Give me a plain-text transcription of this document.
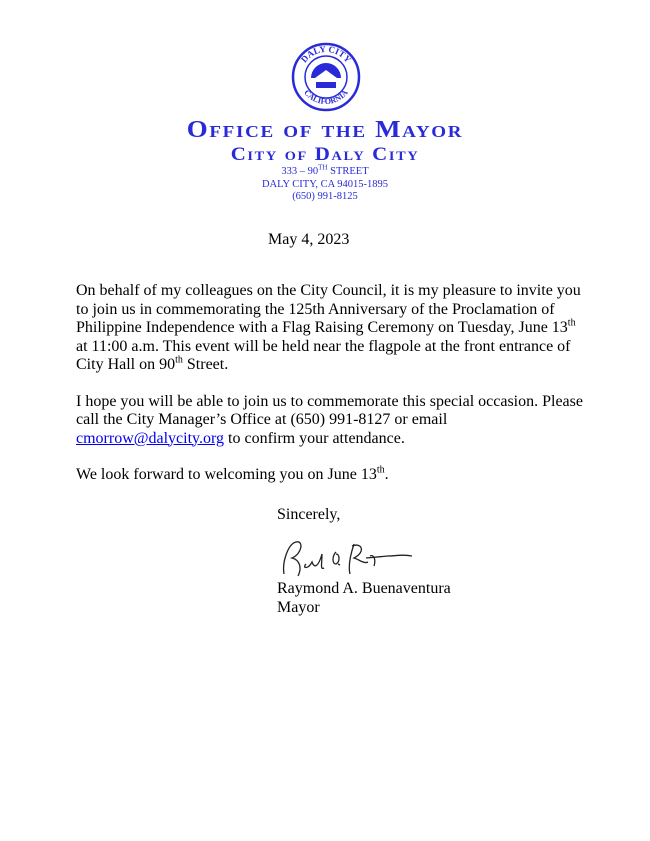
DALY CITY
CALIFORNIA
Office of the Mayor
City of Daly City
333 – 90TH STREET
DALY CITY, CA 94015-1895
(650) 991-8125
May 4, 2023

On behalf of my colleagues on the City Council, it is my pleasure to invite you to join us in commemorating the 125th Anniversary of the Proclamation of Philippine Independence with a Flag Raising Ceremony on Tuesday, June 13th at 11:00 a.m. This event will be held near the flagpole at the front entrance of City Hall on 90th Street.

I hope you will be able to join us to commemorate this special occasion. Please call the City Manager’s Office at (650) 991-8127 or email cmorrow@dalycity.org to confirm your attendance.

We look forward to welcoming you on June 13th.

Sincerely,
Raymond A. Buenaventura
Mayor
